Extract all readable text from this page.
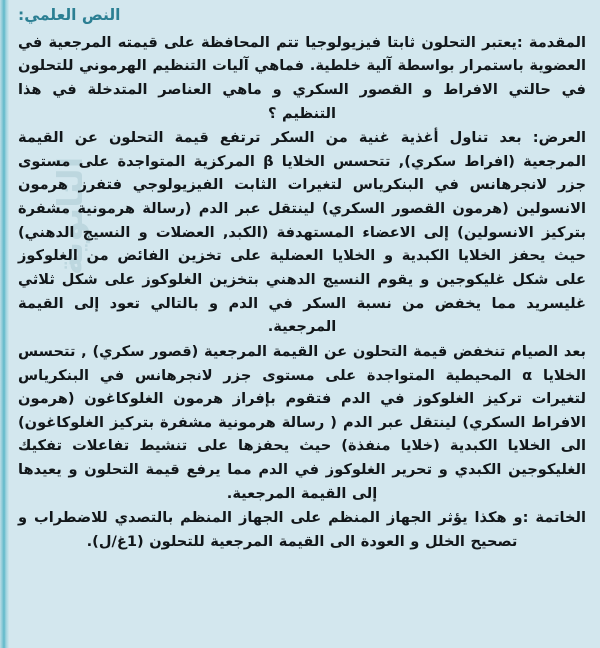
الثانوية
النص العلمي:

المقدمة :يعتبر التحلون ثابتا فيزيولوجيا تتم المحافظة على قيمته المرجعية في العضوية باستمرار بواسطة آلية خلطية. فماهي آليات التنظيم الهرموني للتحلون في حالتي الافراط و القصور السكري و ماهي العناصر المتدخلة في هذا التنظيم ؟

العرض: بعد تناول أغذية غنية من السكر ترتفع قيمة التحلون عن القيمة المرجعية (افراط سكري), تتحسس الخلايا β المركزية المتواجدة على مستوى جزر لانجرهانس في البنكرياس لتغيرات الثابت الفيزيولوجي فتفرز هرمون الانسولين (هرمون القصور السكري) لينتقل عبر الدم (رسالة هرمونية مشفرة بتركيز الانسولين) إلى الاعضاء المستهدفة (الكبد, العضلات و النسيج الدهني) حيث يحفز الخلايا الكبدية و الخلايا العضلية على تخزين الفائض من الغلوكوز على شكل غليكوجين و يقوم النسيج الدهني بتخزين الغلوكوز على شكل ثلاثي غليسريد مما يخفض من نسبة السكر في الدم و بالتالي تعود إلى القيمة المرجعية.

بعد الصيام تنخفض قيمة التحلون عن القيمة المرجعية (قصور سكري) , تتحسس الخلايا α المحيطية المتواجدة على مستوى جزر لانجرهانس في البنكرياس لتغيرات تركيز الغلوكوز في الدم فتقوم بإفراز هرمون الغلوكاغون (هرمون الافراط السكري) لينتقل عبر الدم ( رسالة هرمونية مشفرة بتركيز الغلوكاغون) الى الخلايا الكبدية (خلايا منفذة) حيث يحفزها على تنشيط تفاعلات تفكيك الغليكوجين الكبدي و تحرير الغلوكوز في الدم مما يرفع قيمة التحلون و يعيدها إلى القيمة المرجعية.

الخاتمة :و هكذا يؤثر الجهاز المنظم على الجهاز المنظم بالتصدي للاضطراب و تصحيح الخلل و العودة الى القيمة المرجعية للتحلون (1غ/ل).
